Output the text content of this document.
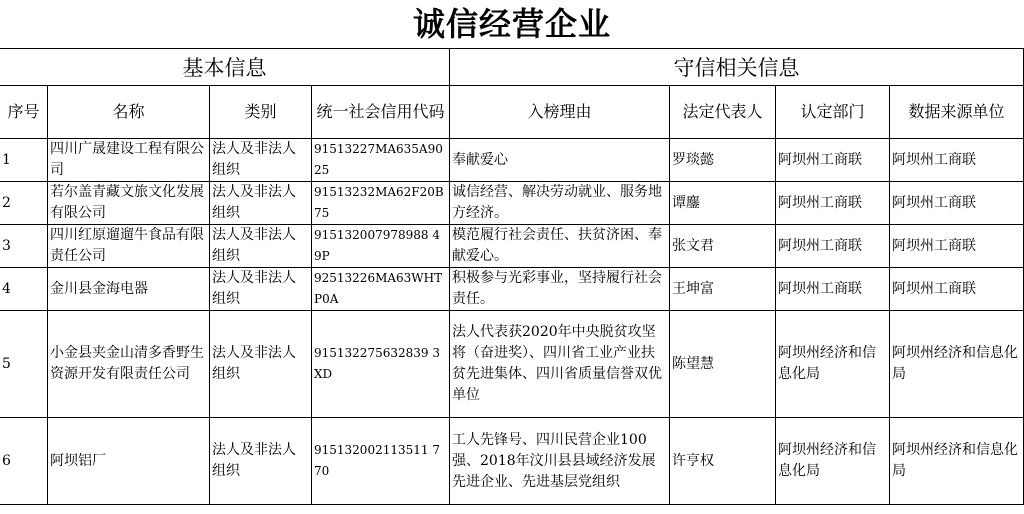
诚信经营企业
基本信息				守信相关信息			
序号	名称	类别	统一社会信用代码	入榜理由	法定代表人	认定部门	数据来源单位
1	四川广晟建设工程有限公司	法人及非法人组织	91513227MA635A9025	奉献爱心	罗琰懿	阿坝州工商联	阿坝州工商联
2	若尔盖青藏文旅文化发展有限公司	法人及非法人组织	91513232MA62F20B75	诚信经营、解决劳动就业、服务地方经济。	谭鏖	阿坝州工商联	阿坝州工商联
3	四川红原遛遛牛食品有限责任公司	法人及非法人组织	915132007978988 49P	模范履行社会责任、扶贫济困、奉献爱心。	张文君	阿坝州工商联	阿坝州工商联
4	金川县金海电器	法人及非法人组织	92513226MA63WHTP0A	积极参与光彩事业，坚持履行社会责任。	王坤富	阿坝州工商联	阿坝州工商联
5	小金县夹金山清多香野生资源开发有限责任公司	法人及非法人组织	915132275632839 3XD	法人代表获2020年中央脱贫攻坚将（奋进奖）、四川省工业产业扶贫先进集体、四川省质量信誉双优单位	陈望慧	阿坝州经济和信息化局	阿坝州经济和信息化局
6	阿坝铝厂	法人及非法人组织	915132002113511 770	工人先锋号、四川民营企业100强、2018年汶川县县域经济发展先进企业、先进基层党组织	许亨权	阿坝州经济和信息化局	阿坝州经济和信息化局
